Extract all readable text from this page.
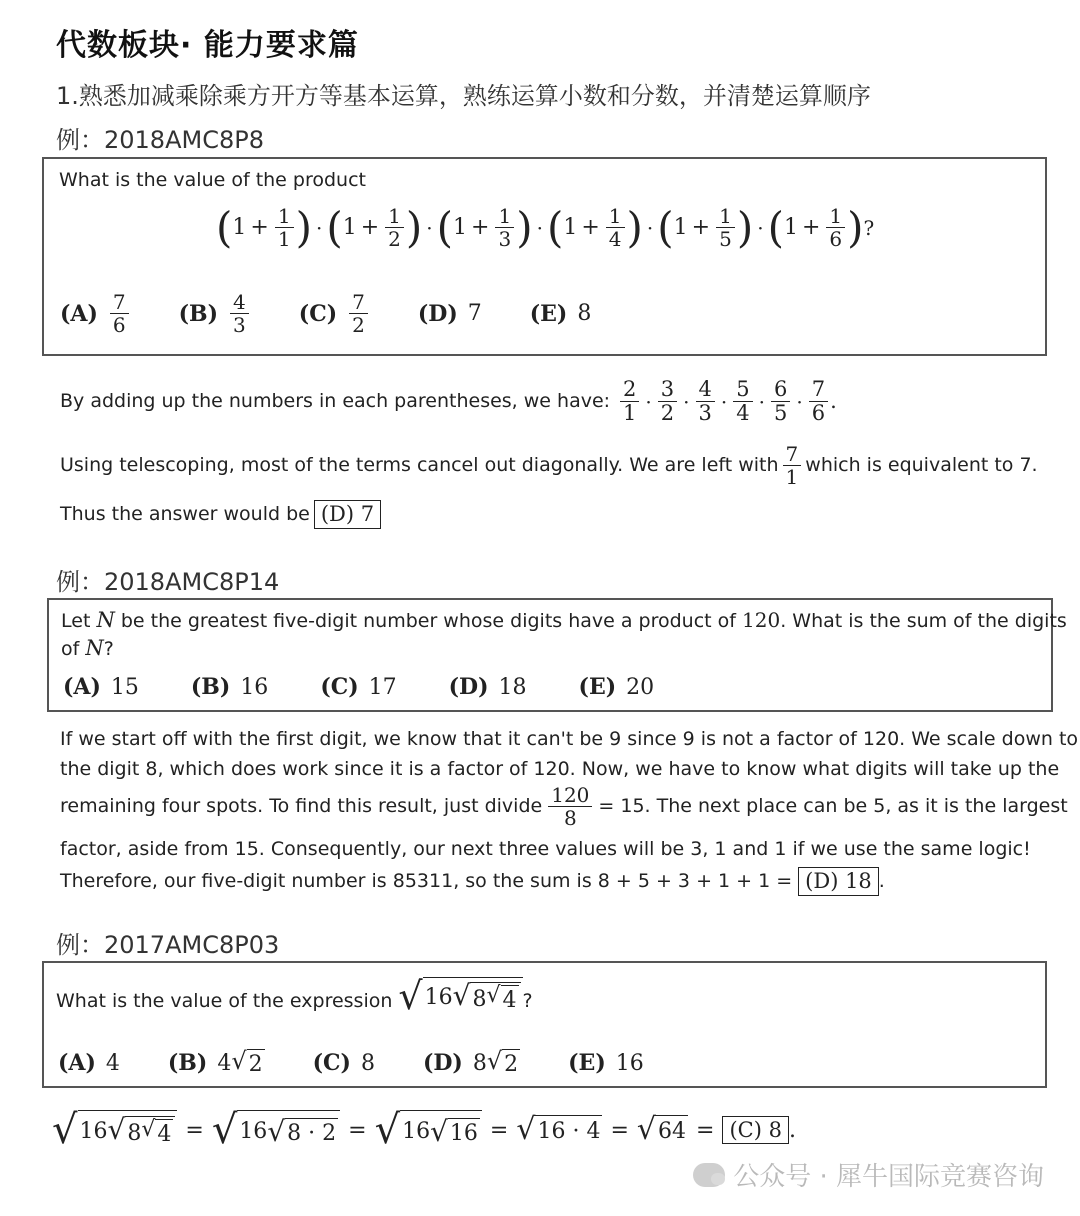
代数板块· 能力要求篇
1.熟悉加减乘除乘方开方等基本运算，熟练运算小数和分数，并清楚运算顺序
例：2018AMC8P8
What is the value of the product
( $1 + \frac{1}{1}$ ) · ( $1 + \frac{1}{2}$ ) · ( $1 + \frac{1}{3}$ ) · ( $1 + \frac{1}{4}$ ) · ( $1 + \frac{1}{5}$ ) · ( $1 + \frac{1}{6}$ ) ?
$(A) \frac{7}{6} (B) \frac{4}{3} (C) \frac{7}{2} (D)$ 7 (E) 8
By adding up the numbers in each parentheses, we have: $\frac{2}{1} \cdot \frac{3}{2} \cdot \frac{4}{3} \cdot \frac{5}{4} \cdot \frac{6}{5} \cdot \frac{7}{6}$ .
Using telescoping, most of the terms cancel out diagonally. We are left with $\frac{7}{1}$ which is equivalent to 7.
Thus the answer would be (D) 7
例：2018AMC8P14
Let N be the greatest five-digit number whose digits have a product of 120. What is the sum of the digits
of N?
(A) 15 (B) 16 (C) 17 (D) 18 (E) 20
If we start off with the first digit, we know that it can't be 9 since 9 is not a factor of 120. We scale down to
the digit 8, which does work since it is a factor of 120. Now, we have to know what digits will take up the
remaining four spots. To find this result, just divide $\frac{120}{8} = 15$. The next place can be 5, as it is the largest
factor, aside from 15. Consequently, our next three values will be 3, 1 and 1 if we use the same logic!
Therefore, our five-digit number is 85311, so the sum is 8 + 5 + 3 + 1 + 1 = (D) 18 .
例：2017AMC8P03
What is the value of the expression √ 16 √ 8 √ 4 ?
(A) 4 (B) 4 √ 2 (C) 8 (D) 8 √ 2 (E) 16
√ 16 √ 8 √ 4 = √ 16 √ 8 · 2 = √ 16 √ 16 = √ 16 · 4 = √ 64 = (C) 8 .
公众号 · 犀牛国际竞赛咨询
